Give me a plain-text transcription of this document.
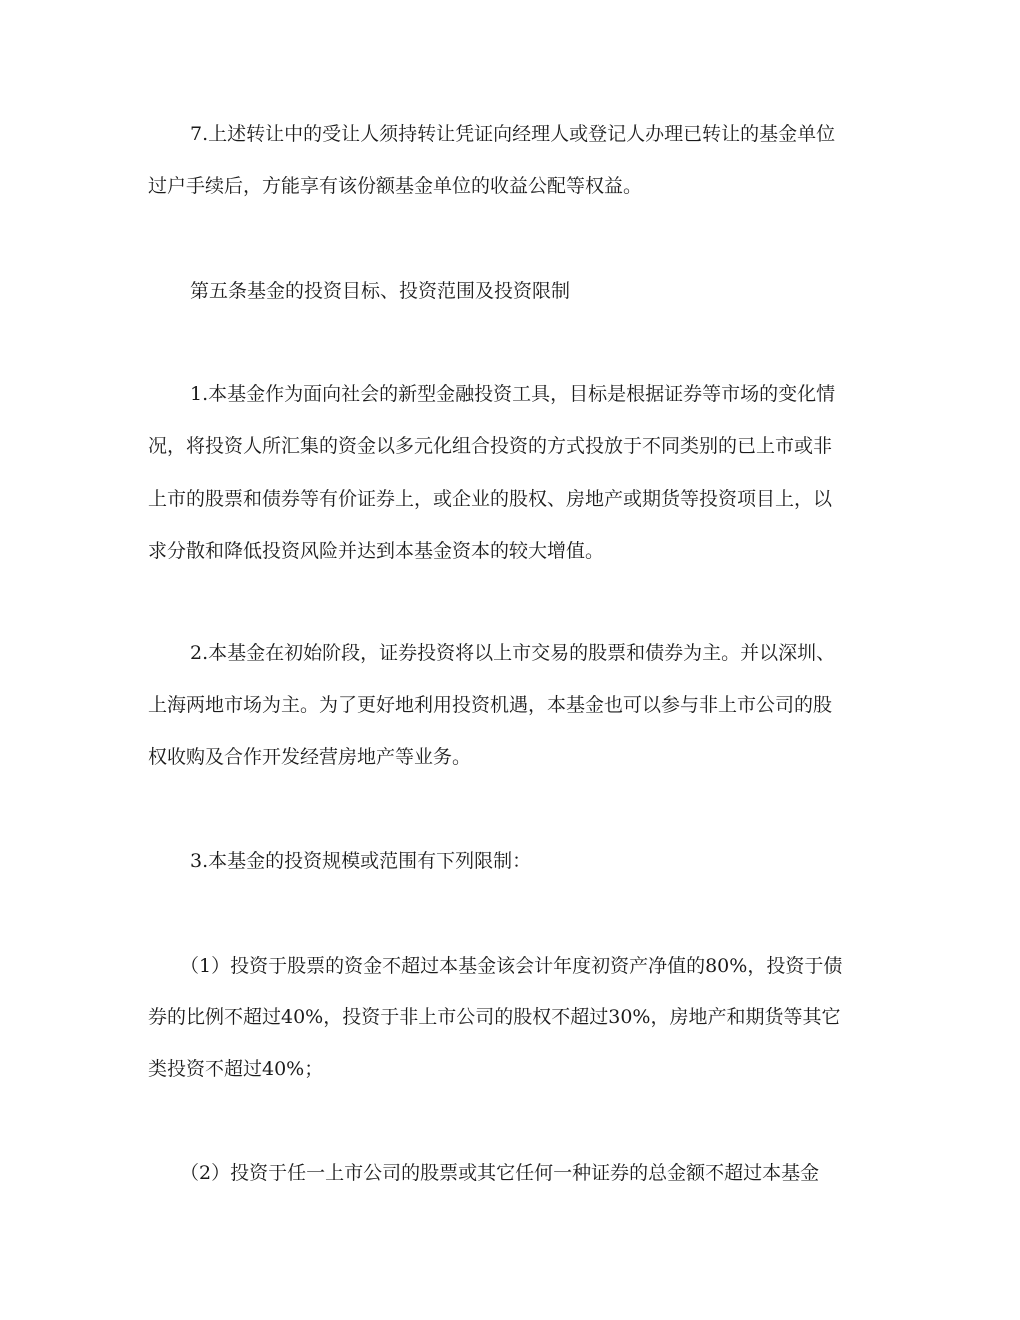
7.上述转让中的受让人须持转让凭证向经理人或登记人办理已转让的基金单位
过户手续后，方能享有该份额基金单位的收益公配等权益。
第五条基金的投资目标、投资范围及投资限制
1.本基金作为面向社会的新型金融投资工具，目标是根据证券等市场的变化情
况，将投资人所汇集的资金以多元化组合投资的方式投放于不同类别的已上市或非
上市的股票和债券等有价证券上，或企业的股权、房地产或期货等投资项目上，以
求分散和降低投资风险并达到本基金资本的较大增值。
2.本基金在初始阶段，证券投资将以上市交易的股票和债券为主。并以深圳、
上海两地市场为主。为了更好地利用投资机遇，本基金也可以参与非上市公司的股
权收购及合作开发经营房地产等业务。
3.本基金的投资规模或范围有下列限制：
（1）投资于股票的资金不超过本基金该会计年度初资产净值的80%，投资于债
券的比例不超过40%，投资于非上市公司的股权不超过30%，房地产和期货等其它
类投资不超过40%；
（2）投资于任一上市公司的股票或其它任何一种证券的总金额不超过本基金
